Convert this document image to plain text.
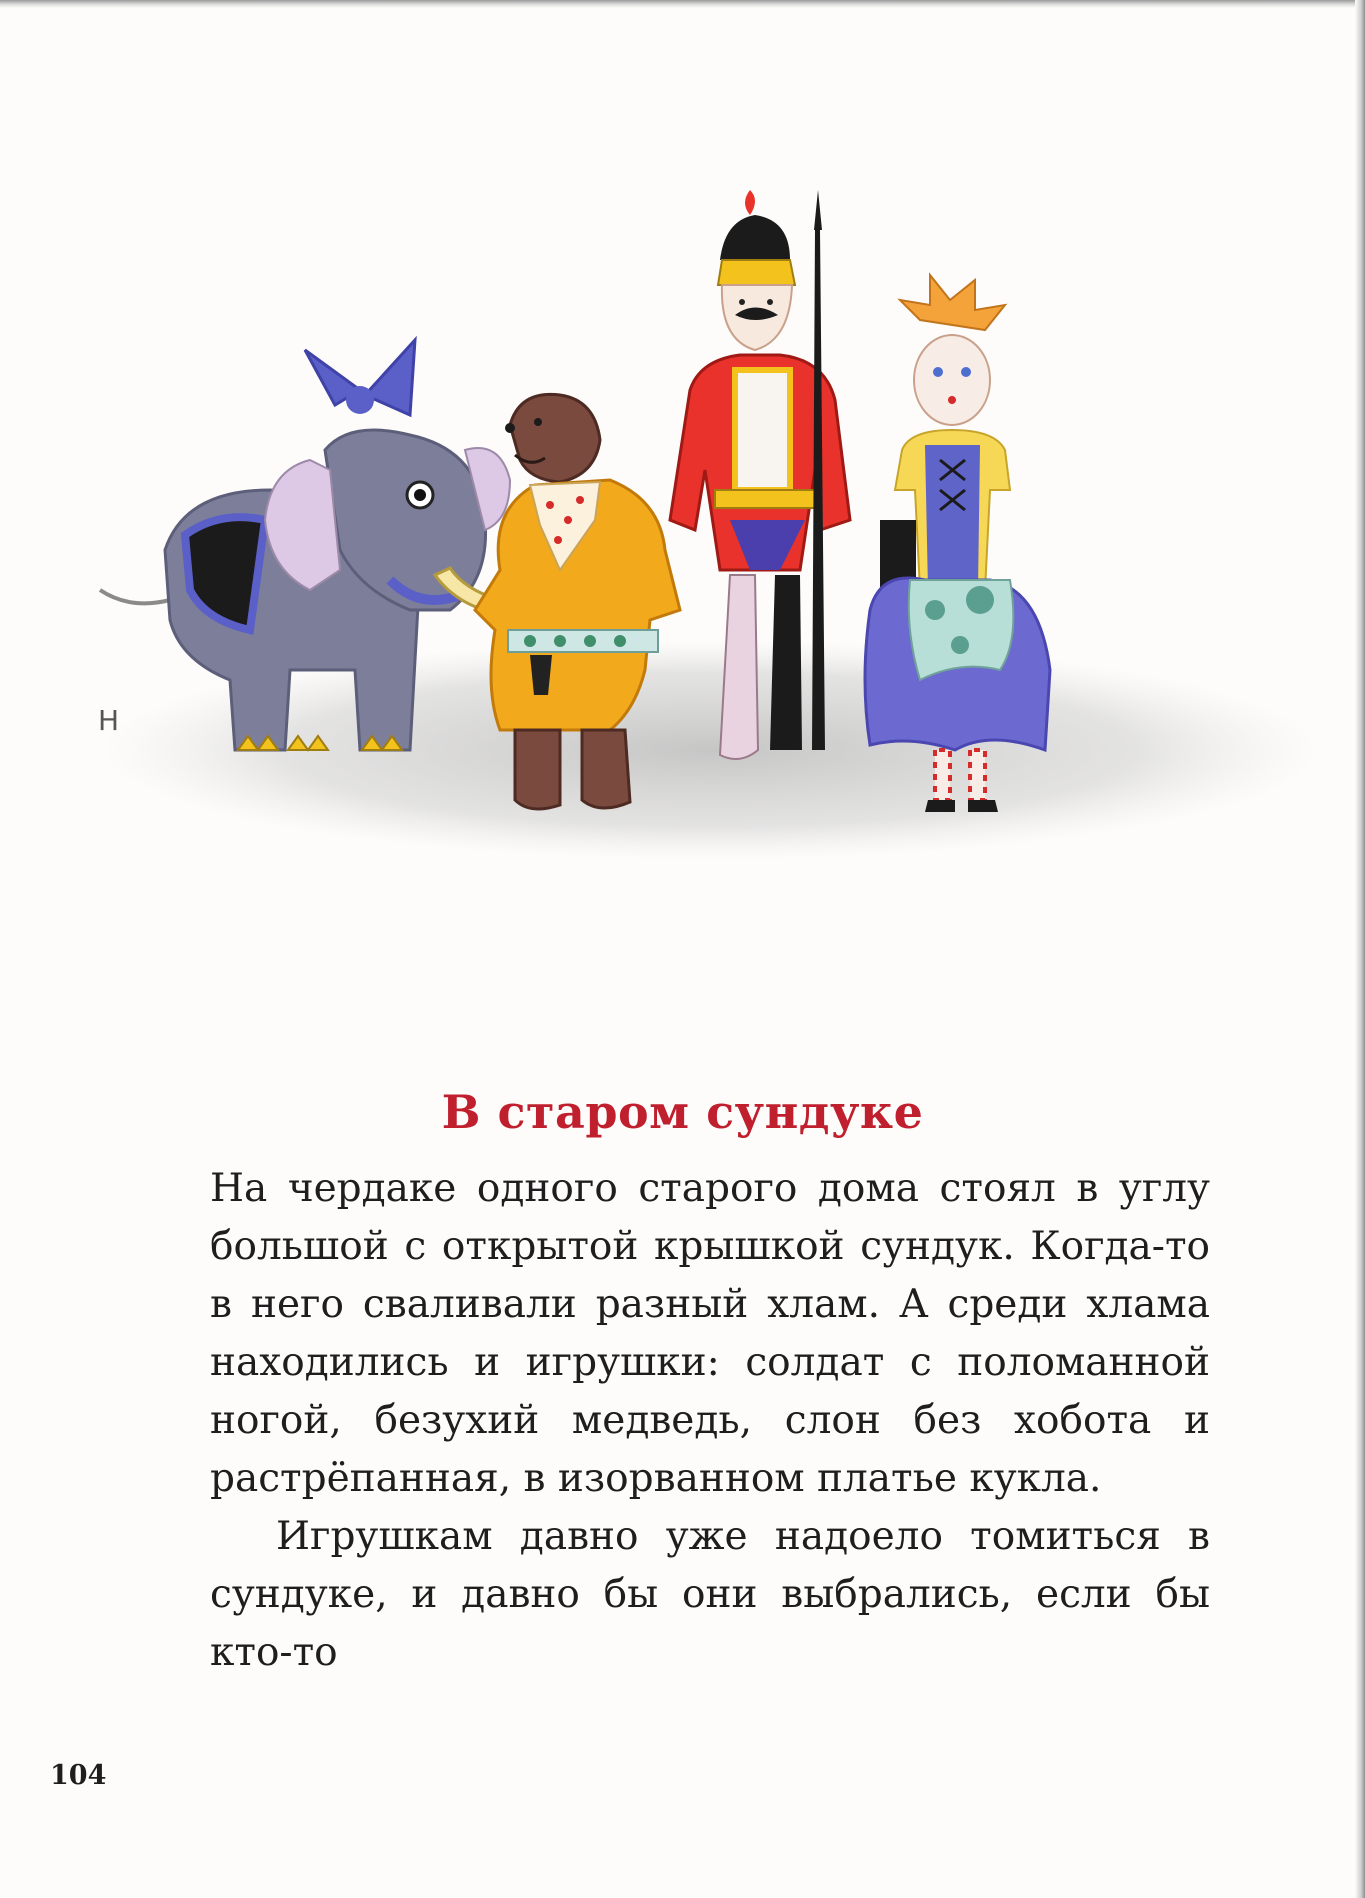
Н
В старом сундуке

На чердаке одного старого дома стоял в углу большой с открытой крышкой сундук. Когда-то в него сваливали разный хлам. А среди хлама находились и игрушки: солдат с поломанной ногой, безухий медведь, слон без хобота и растрёпанная, в изорванном платье кукла.

Игрушкам давно уже надоело томиться в сундуке, и давно бы они выбрались, если бы кто-то

104
